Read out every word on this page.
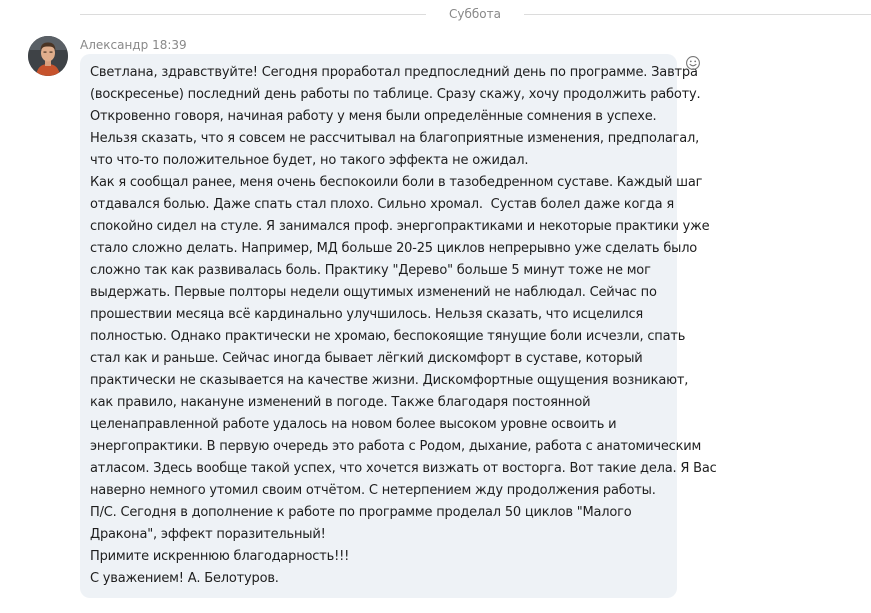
Суббота
Александр 18:39
Светлана, здравствуйте! Сегодня проработал предпоследний день по программе. Завтра
(воскресенье) последний день работы по таблице. Сразу скажу, хочу продолжить работу.
Откровенно говоря, начиная работу у меня были определённые сомнения в успехе.
Нельзя сказать, что я совсем не рассчитывал на благоприятные изменения, предполагал,
что что-то положительное будет, но такого эффекта не ожидал.
Как я сообщал ранее, меня очень беспокоили боли в тазобедренном суставе. Каждый шаг
отдавался болью. Даже спать стал плохо. Сильно хромал.  Сустав болел даже когда я
спокойно сидел на стуле. Я занимался проф. энергопрактиками и некоторые практики уже
стало сложно делать. Например, МД больше 20-25 циклов непрерывно уже сделать было
сложно так как развивалась боль. Практику "Дерево" больше 5 минут тоже не мог
выдержать. Первые полторы недели ощутимых изменений не наблюдал. Сейчас по
прошествии месяца всё кардинально улучшилось. Нельзя сказать, что исцелился
полностью. Однако практически не хромаю, беспокоящие тянущие боли исчезли, спать
стал как и раньше. Сейчас иногда бывает лёгкий дискомфорт в суставе, который
практически не сказывается на качестве жизни. Дискомфортные ощущения возникают,
как правило, накануне изменений в погоде. Также благодаря постоянной
целенаправленной работе удалось на новом более высоком уровне освоить и
энергопрактики. В первую очередь это работа с Родом, дыхание, работа с анатомическим
атласом. Здесь вообще такой успех, что хочется визжать от восторга. Вот такие дела. Я Вас
наверно немного утомил своим отчётом. С нетерпением жду продолжения работы.
П/С. Сегодня в дополнение к работе по программе проделал 50 циклов "Малого
Дракона", эффект поразительный!
Примите искреннюю благодарность!!!
С уважением! А. Белотуров.
